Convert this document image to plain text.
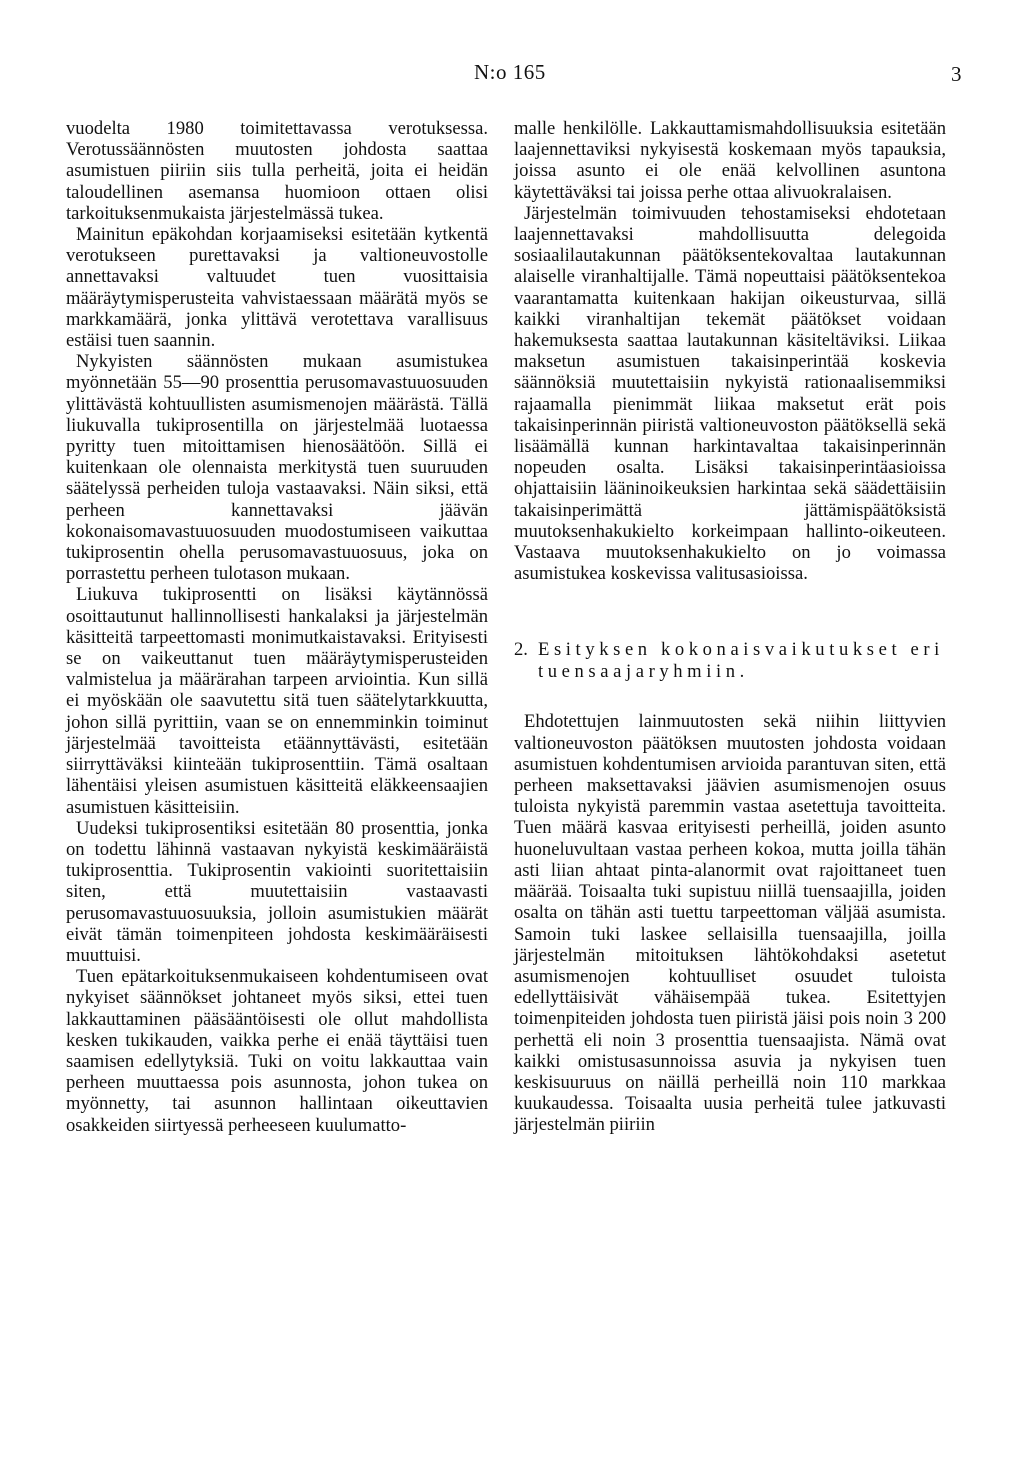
N:o 165	3

vuodelta 1980 toimitettavassa verotuksessa. Verotussäännösten muutosten johdosta saattaa asumistuen piiriin siis tulla perheitä, joita ei heidän taloudellinen asemansa huomioon ottaen olisi tarkoituksenmukaista järjestelmässä tukea.

Mainitun epäkohdan korjaamiseksi esitetään kytkentä verotukseen purettavaksi ja valtioneuvostolle annettavaksi valtuudet tuen vuosittaisia määräytymisperusteita vahvistaessaan määrätä myös se markkamäärä, jonka ylittävä verotettava varallisuus estäisi tuen saannin.

Nykyisten säännösten mukaan asumistukea myönnetään 55—90 prosenttia perusomavastuuosuuden ylittävästä kohtuullisten asumismenojen määrästä. Tällä liukuvalla tukiprosentilla on järjestelmää luotaessa pyritty tuen mitoittamisen hienosäätöön. Sillä ei kuitenkaan ole olennaista merkitystä tuen suuruuden säätelyssä perheiden tuloja vastaavaksi. Näin siksi, että perheen kannettavaksi jäävän kokonaisomavastuuosuuden muodostumiseen vaikuttaa tukiprosentin ohella perusomavastuuosuus, joka on porrastettu perheen tulotason mukaan.

Liukuva tukiprosentti on lisäksi käytännössä osoittautunut hallinnollisesti hankalaksi ja järjestelmän käsitteitä tarpeettomasti monimutkaistavaksi. Erityisesti se on vaikeuttanut tuen määräytymisperusteiden valmistelua ja määrärahan tarpeen arviointia. Kun sillä ei myöskään ole saavutettu sitä tuen säätelytarkkuutta, johon sillä pyrittiin, vaan se on ennemminkin toiminut järjestelmää tavoitteista etäännyttävästi, esitetään siirryttäväksi kiinteään tukiprosenttiin. Tämä osaltaan lähentäisi yleisen asumistuen käsitteitä eläkkeensaajien asumistuen käsitteisiin.

Uudeksi tukiprosentiksi esitetään 80 prosenttia, jonka on todettu lähinnä vastaavan nykyistä keskimääräistä tukiprosenttia. Tukiprosentin vakiointi suoritettaisiin siten, että muutettaisiin vastaavasti perusomavastuuosuuksia, jolloin asumistukien määrät eivät tämän toimenpiteen johdosta keskimääräisesti muuttuisi.

Tuen epätarkoituksenmukaiseen kohdentumiseen ovat nykyiset säännökset johtaneet myös siksi, ettei tuen lakkauttaminen pääsääntöisesti ole ollut mahdollista kesken tukikauden, vaikka perhe ei enää täyttäisi tuen saamisen edellytyksiä. Tuki on voitu lakkauttaa vain perheen muuttaessa pois asunnosta, johon tukea on myönnetty, tai asunnon hallintaan oikeuttavien osakkeiden siirtyessä perheeseen kuulumatto-

malle henkilölle. Lakkauttamismahdollisuuksia esitetään laajennettaviksi nykyisestä koskemaan myös tapauksia, joissa asunto ei ole enää kelvollinen asuntona käytettäväksi tai joissa perhe ottaa alivuokralaisen.

Järjestelmän toimivuuden tehostamiseksi ehdotetaan laajennettavaksi mahdollisuutta delegoida sosiaalilautakunnan päätöksentekovaltaa lautakunnan alaiselle viranhaltijalle. Tämä nopeuttaisi päätöksentekoa vaarantamatta kuitenkaan hakijan oikeusturvaa, sillä kaikki viranhaltijan tekemät päätökset voidaan hakemuksesta saattaa lautakunnan käsiteltäviksi. Liikaa maksetun asumistuen takaisinperintää koskevia säännöksiä muutettaisiin nykyistä rationaalisemmiksi rajaamalla pienimmät liikaa maksetut erät pois takaisinperinnän piiristä valtioneuvoston päätöksellä sekä lisäämällä kunnan harkintavaltaa takaisinperinnän nopeuden osalta. Lisäksi takaisinperintäasioissa ohjattaisiin lääninoikeuksien harkintaa sekä säädettäisiin takaisinperimättä jättämispäätöksistä muutoksenhakukielto korkeimpaan hallinto-oikeuteen. Vastaava muutoksenhakukielto on jo voimassa asumistukea koskevissa valitusasioissa.

2. Esityksen kokonaisvaikutukset eri tuensaajaryhmiin.

Ehdotettujen lainmuutosten sekä niihin liittyvien valtioneuvoston päätöksen muutosten johdosta voidaan asumistuen kohdentumisen arvioida parantuvan siten, että perheen maksettavaksi jäävien asumismenojen osuus tuloista nykyistä paremmin vastaa asetettuja tavoitteita. Tuen määrä kasvaa erityisesti perheillä, joiden asunto huoneluvultaan vastaa perheen kokoa, mutta joilla tähän asti liian ahtaat pinta-alanormit ovat rajoittaneet tuen määrää. Toisaalta tuki supistuu niillä tuensaajilla, joiden osalta on tähän asti tuettu tarpeettoman väljää asumista. Samoin tuki laskee sellaisilla tuensaajilla, joilla järjestelmän mitoituksen lähtökohdaksi asetetut asumismenojen kohtuulliset osuudet tuloista edellyttäisivät vähäisempää tukea. Esitettyjen toimenpiteiden johdosta tuen piiristä jäisi pois noin 3 200 perhettä eli noin 3 prosenttia tuensaajista. Nämä ovat kaikki omistusasunnoissa asuvia ja nykyisen tuen keskisuuruus on näillä perheillä noin 110 markkaa kuukaudessa. Toisaalta uusia perheitä tulee jatkuvasti järjestelmän piiriin
